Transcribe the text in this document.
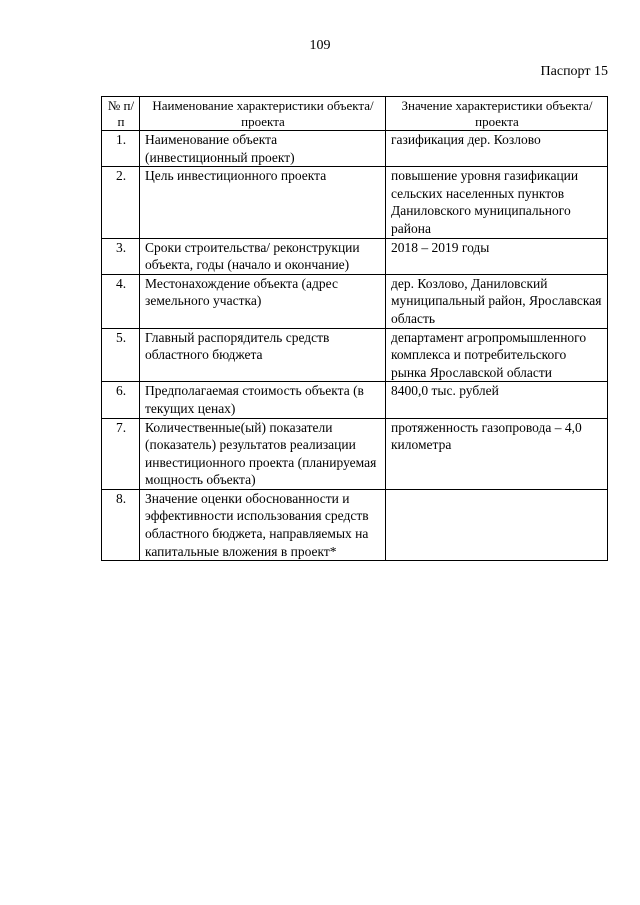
109
Паспорт 15
№ п/п	Наименование характеристики объекта/проекта	Значение характеристики объекта/проекта
1.	Наименование объекта (инвестиционный проект)	газификация дер. Козлово
2.	Цель инвестиционного проекта	повышение уровня газификации сельских населенных пунктов Даниловского муниципального района
3.	Сроки строительства/ реконструкции объекта, годы (начало и окончание)	2018 – 2019 годы
4.	Местонахождение объекта (адрес земельного участка)	дер. Козлово, Даниловский муниципальный район, Ярославская область
5.	Главный распорядитель средств областного бюджета	департамент агропромышленного комплекса и потребительского рынка Ярославской области
6.	Предполагаемая стоимость объекта (в текущих ценах)	8400,0 тыс. рублей
7.	Количественные(ый) показатели (показатель) результатов реализации инвестиционного проекта (планируемая мощность объекта)	протяженность газопровода – 4,0 километра
8.	Значение оценки обоснованности и эффективности использования средств областного бюджета, направляемых на капитальные вложения в проект*	
